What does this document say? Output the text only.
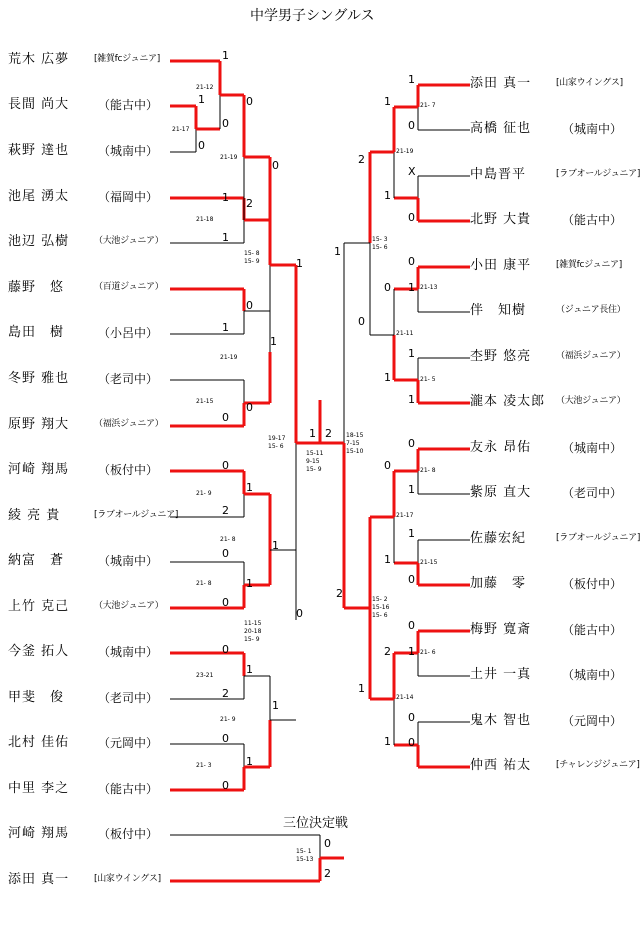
中学男子シングルス
三位決定戦
荒木 広夢	[雑賀fcジュニア]
長間 尚大 （能古中）
萩野 達也 （城南中）
池尾 湧太 （福岡中）
池辺 弘樹	（大池ジュニア）
藤野　悠	（百道ジュニア）
島田　樹	（小呂中）
冬野 雅也 （老司中）
原野 翔大	（福浜ジュニア）
河崎 翔馬 （板付中）
綾 亮 貴	[ラブオールジュニア]
納富　蒼	（城南中）
上竹 克己	（大池ジュニア）
今釜 拓人 （城南中）
甲斐　俊	（老司中）
北村 佳佑 （元岡中）
中里 李之 （能古中）
添田 真一	[山家ウイングス]
高橋 征也	（城南中）
中島晋平	[ラブオールジュニア]
北野 大貴	（能古中）
小田 康平	[雑賀fcジュニア]
伴　知樹	（ジュニア長住）
杢野 悠亮	（福浜ジュニア）
瀧本 凌太郎 （大池ジュニア）
友永 昂佑	（城南中）
紫原 直大	（老司中）
佐藤宏紀	[ラブオールジュニア]
加藤　零	（板付中）
梅野 寛斎	（能古中）
土井 一真	（城南中）
鬼木 智也	（元岡中）
仲西 祐太	[チャレンジジュニア]
河崎 翔馬 （板付中）
添田 真一	[山家ウイングス]
1
1
0
0
1
1
0
2
0
0
1
0
0
1
1
0
2
1
1
0
0
1
0
2
1
1
0
0
1
0
1
0
1
2
X
0
1
1
0
1
0
0
1
1
1
0
1
0
2
1
0
1
0
1
2
1
0
0
1
1 2
0
2
21-12
21-17
21-19
21-18
15- 8
15- 9
21-19
21-15
19-17
15- 6
21- 9
21- 8
21- 8
11-15
20-18
15- 9
23-21
21- 9
21- 3
15-11
9-15
15- 9
21- 7
21-19
15- 3
15- 6
21-13
21-11
21- 5
18-15
7-15
15-10
21- 8
21-17
21-15
15- 2
15-16
15- 6
21- 6
21-14
15- 1
15-13
